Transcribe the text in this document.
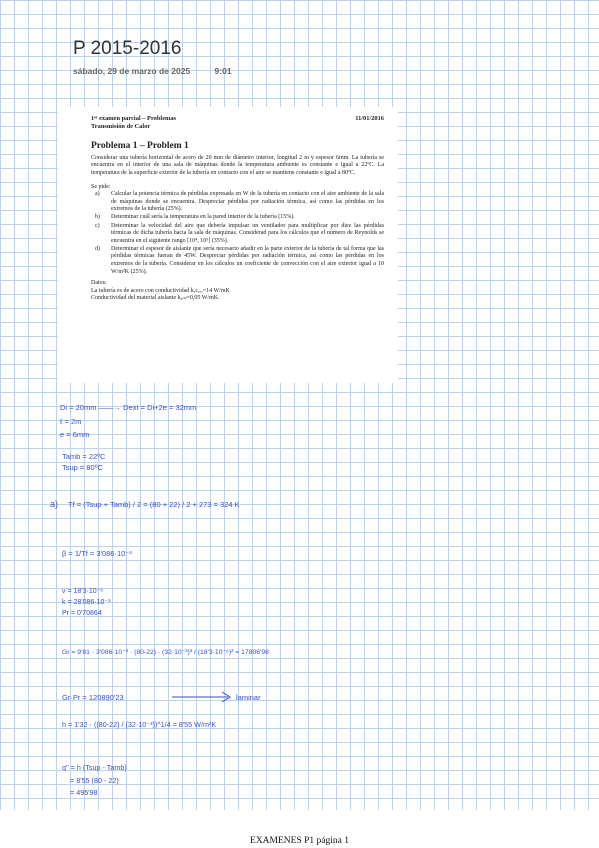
P 2015-2016
sábado, 29 de marzo de 2025	9:01
1ᵉʳ examen parcial – Problemas	11/01/2016
Transmisión de Calor
Problema 1 – Problem 1
Considerar una tubería horizontal de acero de 20 mm de diámetro interior, longitud 2 m y espesor 6mm. La tubería se encuentra en el interior de una sala de máquinas donde la temperatura ambiente es constante e igual a 22ºC. La temperatura de la superficie exterior de la tubería en contacto con el aire se mantiene constante e igual a 80ºC.
Se pide:
a)	Calcular la potencia térmica de pérdidas expresada en W de la tubería en contacto con el aire ambiente de la sala de máquinas donde se encuentra. Despreciar pérdidas por radiación térmica, así como las pérdidas en los extremos de la tubería (25%).
b)	Determinar cuál sería la temperatura en la pared interior de la tubería (15%).
c)	Determinar la velocidad del aire que debería impulsar un ventilador para multiplicar por diez las pérdidas térmicas de dicha tubería hacia la sala de máquinas. Considerad para los cálculos que el número de Reynolds se encuentra en el siguiente rango [10⁴, 10⁵] (35%).
d)	Determinar el espesor de aislante que sería necesario añadir en la parte exterior de la tubería de tal forma que las pérdidas térmicas fueran de 45W. Despreciar pérdidas por radiación térmica, así como las pérdidas en los extremos de la tubería. Considerar en los cálculos un coeficiente de convección con el aire exterior igual a 10 W/m²K (25%).
Datos:
La tubería es de acero con conductividad kₐcₑᵣₒ=14 W/mK
Conductividad del material aislante kₐᵢₛₗ=0,05 W/mK.
Di = 20mm ——→ Dext = Di+2e = 32mm
ℓ = 2m
e = 6mm
Tamb = 22ºC
Tsup = 80ºC
a) Tf = (Tsup + Tamb) / 2 = (80 + 22) / 2 + 273 = 324 K
β = 1/Tf = 3'086·10⁻³
ν = 18'3·10⁻⁶
k = 28'086·10⁻³
Pr = 0'70864
Gr = 9'81 · 3'086·10⁻³ · (80-22) · (32·10⁻³)³ / (18'3·10⁻⁶)² = 17806'98
Gr·Pr = 120890'23	laminar
h = 1'32 · ((80-22) / (32·10⁻³))^1/4 = 8'55 W/m²K
q'' = h (Tsup - Tamb)
= 8'55 (80 - 22)
= 495'98
EXAMENES P1 página 1
